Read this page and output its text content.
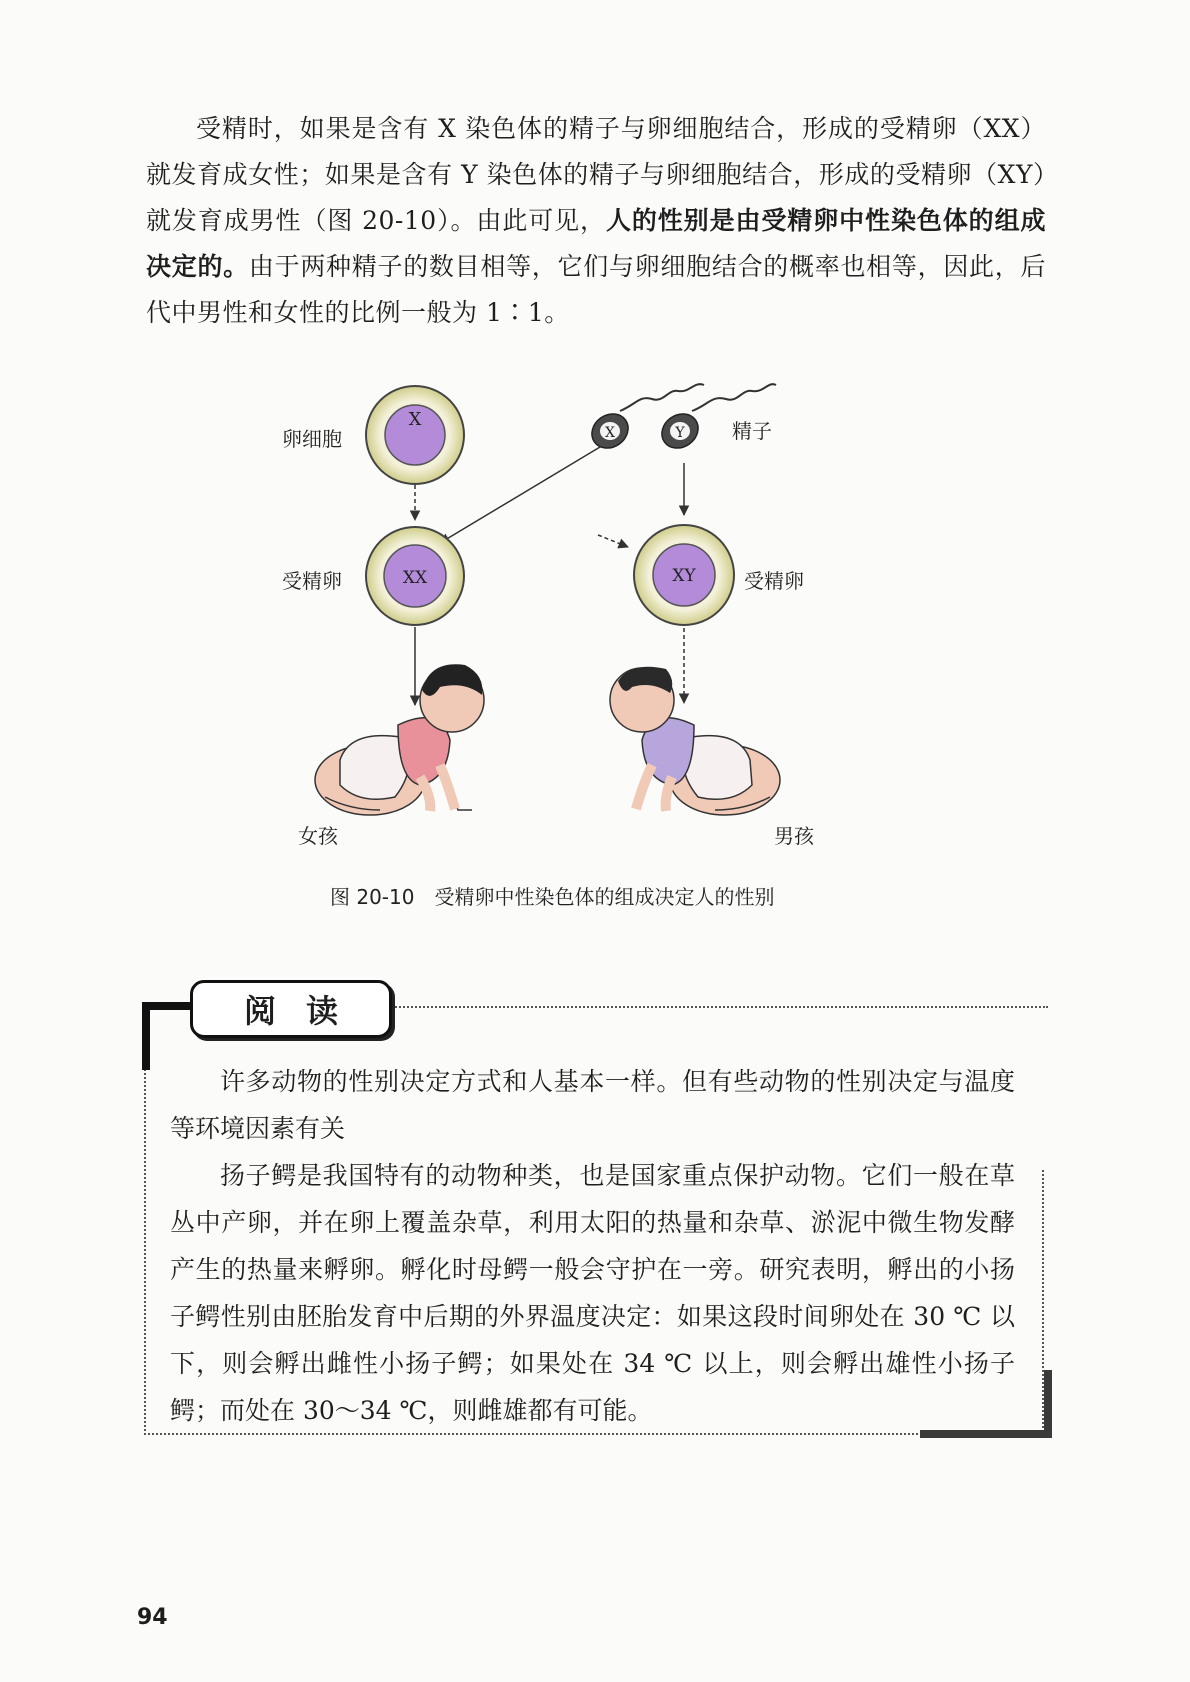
受精时，如果是含有 X 染色体的精子与卵细胞结合，形成的受精卵（XX）就发育成女性；如果是含有 Y 染色体的精子与卵细胞结合，形成的受精卵（XY）就发育成男性（图 20-10）。由此可见，人的性别是由受精卵中性染色体的组成决定的。由于两种精子的数目相等，它们与卵细胞结合的概率也相等，因此，后代中男性和女性的比例一般为 1∶1。

X
X	Y
XX	XY
卵细胞	精子
受精卵	受精卵
女孩	男孩
图 20-10 受精卵中性染色体的组成决定人的性别
阅读

许多动物的性别决定方式和人基本一样。但有些动物的性别决定与温度等环境因素有关

扬子鳄是我国特有的动物种类，也是国家重点保护动物。它们一般在草丛中产卵，并在卵上覆盖杂草，利用太阳的热量和杂草、淤泥中微生物发酵产生的热量来孵卵。孵化时母鳄一般会守护在一旁。研究表明，孵出的小扬子鳄性别由胚胎发育中后期的外界温度决定：如果这段时间卵处在 30 ℃ 以下，则会孵出雌性小扬子鳄；如果处在 34 ℃ 以上，则会孵出雄性小扬子鳄；而处在 30～34 ℃，则雌雄都有可能。

94
